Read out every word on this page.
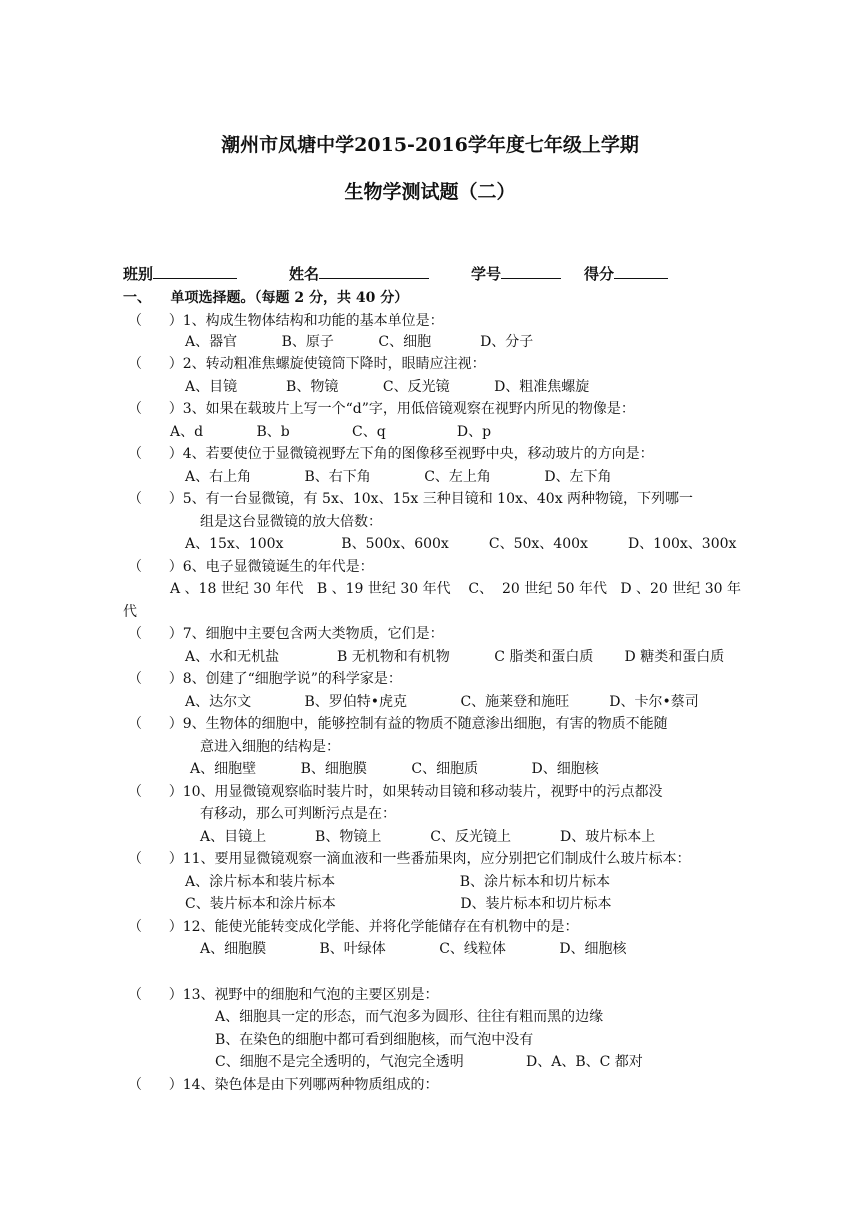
潮州市凤塘中学2015-2016学年度七年级上学期
生物学测试题（二）
班别	姓名	学号	得分
一、 单项选择题。（每题 2 分，共 40 分）
（      ）1、构成生物体结构和功能的基本单位是：
A、器官          B、原子          C、细胞           D、分子
（      ）2、转动粗准焦螺旋使镜筒下降时，眼睛应注视：
A、目镜           B、物镜          C、反光镜          D、粗准焦螺旋
（      ）3、如果在载玻片上写一个“d”字，用低倍镜观察在视野内所见的物像是：
A、d            B、b              C、q                D、p
（      ）4、若要使位于显微镜视野左下角的图像移至视野中央，移动玻片的方向是：
A、右上角            B、右下角            C、左上角            D、左下角
（      ）5、有一台显微镜，有 5x、10x、15x 三种目镜和 10x、40x 两种物镜，下列哪一
组是这台显微镜的放大倍数：
A、15x、100x             B、500x、600x         C、50x、400x         D、100x、300x
（      ）6、电子显微镜诞生的年代是：
A 、18 世纪 30 年代   B 、19 世纪 30 年代    C、  20 世纪 50 年代   D 、20 世纪 30 年
代
（      ）7、细胞中主要包含两大类物质，它们是：
A、水和无机盐             B 无机物和有机物          C 脂类和蛋白质       D 糖类和蛋白质
（      ）8、创建了“细胞学说”的科学家是：
A、达尔文            B、罗伯特•虎克            C、施莱登和施旺         D、卡尔•蔡司
（      ）9、生物体的细胞中，能够控制有益的物质不随意渗出细胞，有害的物质不能随
意进入细胞的结构是：
A、细胞壁          B、细胞膜          C、细胞质            D、细胞核
（      ）10、用显微镜观察临时装片时，如果转动目镜和移动装片，视野中的污点都没
有移动，那么可判断污点是在：
A、目镜上           B、物镜上           C、反光镜上           D、玻片标本上
（      ）11、要用显微镜观察一滴血液和一些番茄果肉，应分别把它们制成什么玻片标本：
A、涂片标本和装片标本                            B、涂片标本和切片标本
C、装片标本和涂片标本                            D、装片标本和切片标本
（      ）12、能使光能转变成化学能、并将化学能储存在有机物中的是：
A、细胞膜            B、叶绿体            C、线粒体            D、细胞核
（      ）13、视野中的细胞和气泡的主要区别是：
A、细胞具一定的形态，而气泡多为圆形、往往有粗而黑的边缘
B、在染色的细胞中都可看到细胞核，而气泡中没有
C、细胞不是完全透明的，气泡完全透明              D、A、B、C 都对
（      ）14、染色体是由下列哪两种物质组成的：
